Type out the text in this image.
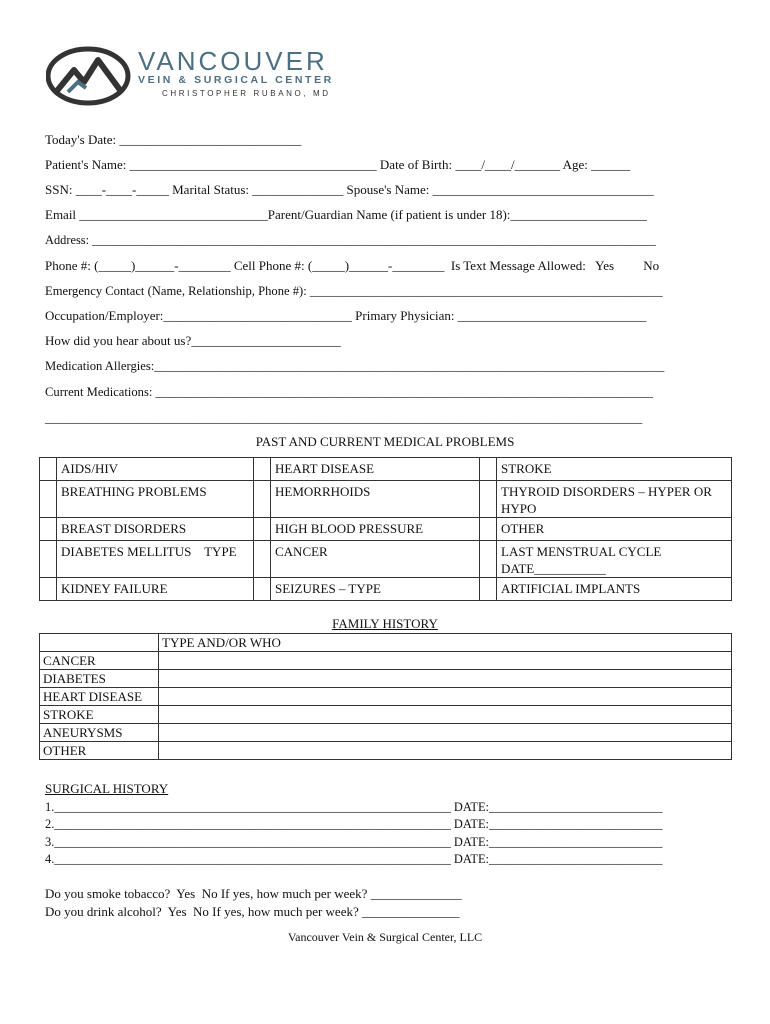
VANCOUVER
VEIN & SURGICAL CENTER
CHRISTOPHER RUBANO, MD
Today's Date: ____________________________
Patient's Name: ______________________________________ Date of Birth: ____/____/_______ Age: ______
SSN: ____-____-_____ Marital Status: ______________ Spouse's Name: __________________________________
Email _____________________________Parent/Guardian Name (if patient is under 18):_____________________
Address: ___________________________________________________________________________________________
Phone #: (_____)______-________ Cell Phone #: (_____)______-________  Is Text Message Allowed:   Yes         No
Emergency Contact (Name, Relationship, Phone #): ________________________________________________________
Occupation/Employer:_____________________________ Primary Physician: _____________________________
How did you hear about us?_______________________
Medication Allergies:_________________________________________________________________________________
Current Medications: _______________________________________________________________________________
__________________________________________________________________________________________________
PAST AND CURRENT MEDICAL PROBLEMS
	AIDS/HIV		HEART DISEASE		STROKE
	BREATHING PROBLEMS		HEMORRHOIDS		THYROID DISORDERS – HYPER OR HYPO
	BREAST DISORDERS		HIGH BLOOD PRESSURE		OTHER
	DIABETES MELLITUS    TYPE		CANCER		LAST MENSTRUAL CYCLE DATE___________
	KIDNEY FAILURE		SEIZURES – TYPE		ARTIFICIAL IMPLANTS
FAMILY HISTORY
	TYPE AND/OR WHO
CANCER	
DIABETES	
HEART DISEASE	
STROKE	
ANEURYSMS	
OTHER	
SURGICAL HISTORY
1.________________________________________________________________ DATE:____________________________
2.________________________________________________________________ DATE:____________________________
3.________________________________________________________________ DATE:____________________________
4.________________________________________________________________ DATE:____________________________
Do you smoke tobacco?  Yes  No If yes, how much per week? ______________
Do you drink alcohol?  Yes  No If yes, how much per week? _______________
Vancouver Vein & Surgical Center, LLC
